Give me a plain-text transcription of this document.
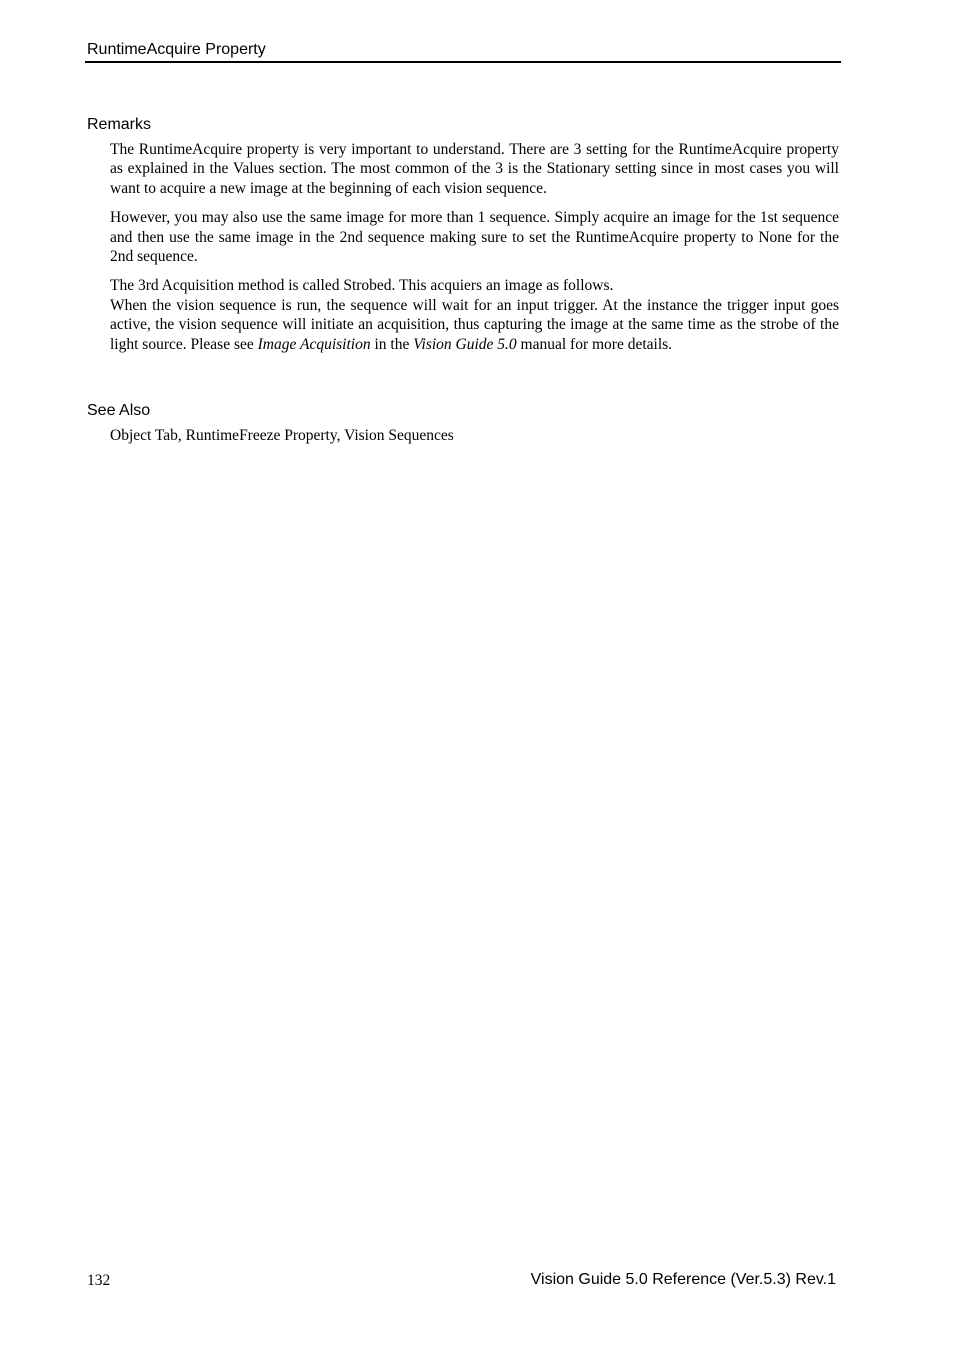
RuntimeAcquire Property
Remarks

The RuntimeAcquire property is very important to understand. There are 3 setting for the RuntimeAcquire property as explained in the Values section. The most common of the 3 is the Stationary setting since in most cases you will want to acquire a new image at the beginning of each vision sequence.

However, you may also use the same image for more than 1 sequence. Simply acquire an image for the 1st sequence and then use the same image in the 2nd sequence making sure to set the RuntimeAcquire property to None for the 2nd sequence.

The 3rd Acquisition method is called Strobed. This acquiers an image as follows.

When the vision sequence is run, the sequence will wait for an input trigger. At the instance the trigger input goes active, the vision sequence will initiate an acquisition, thus capturing the image at the same time as the strobe of the light source. Please see Image Acquisition in the Vision Guide 5.0 manual for more details.

See Also

Object Tab, RuntimeFreeze Property, Vision Sequences

132	Vision Guide 5.0 Reference (Ver.5.3) Rev.1
